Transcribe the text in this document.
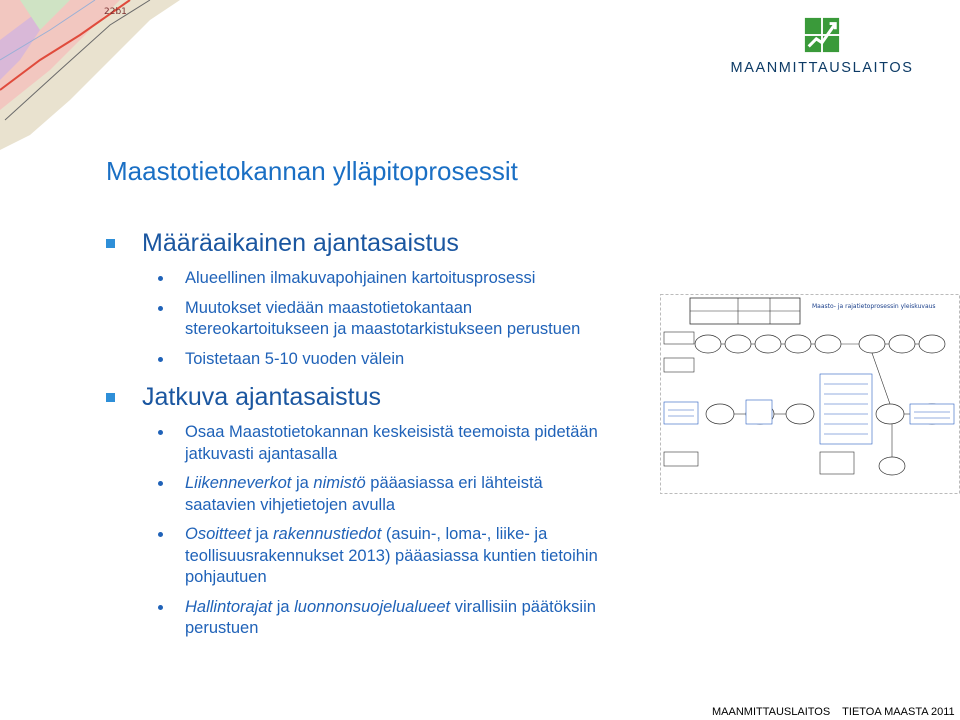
22b1
MAANMITTAUSLAITOS
Maastotietokannan ylläpitoprosessit
Määräaikainen ajantasaistus
Alueellinen ilmakuvapohjainen kartoitusprosessi
Muutokset viedään maastotietokantaan
stereokartoitukseen ja maastotarkistukseen perustuen
Toistetaan 5-10 vuoden välein
Jatkuva ajantasaistus
Osaa Maastotietokannan keskeisistä teemoista pidetään
jatkuvasti ajantasalla
Liikenneverkot ja nimistö pääasiassa eri lähteistä
saatavien vihjetietojen avulla
Osoitteet ja rakennustiedot (asuin-, loma-, liike- ja
teollisuusrakennukset 2013) pääasiassa kuntien tietoihin
pohjautuen
Hallintorajat ja luonnonsuojelualueet virallisiin päätöksiin
perustuen
Maasto- ja rajatietoprosessin yleiskuvaus
MAANMITTAUSLAITOS TIETOA MAASTA 2011
